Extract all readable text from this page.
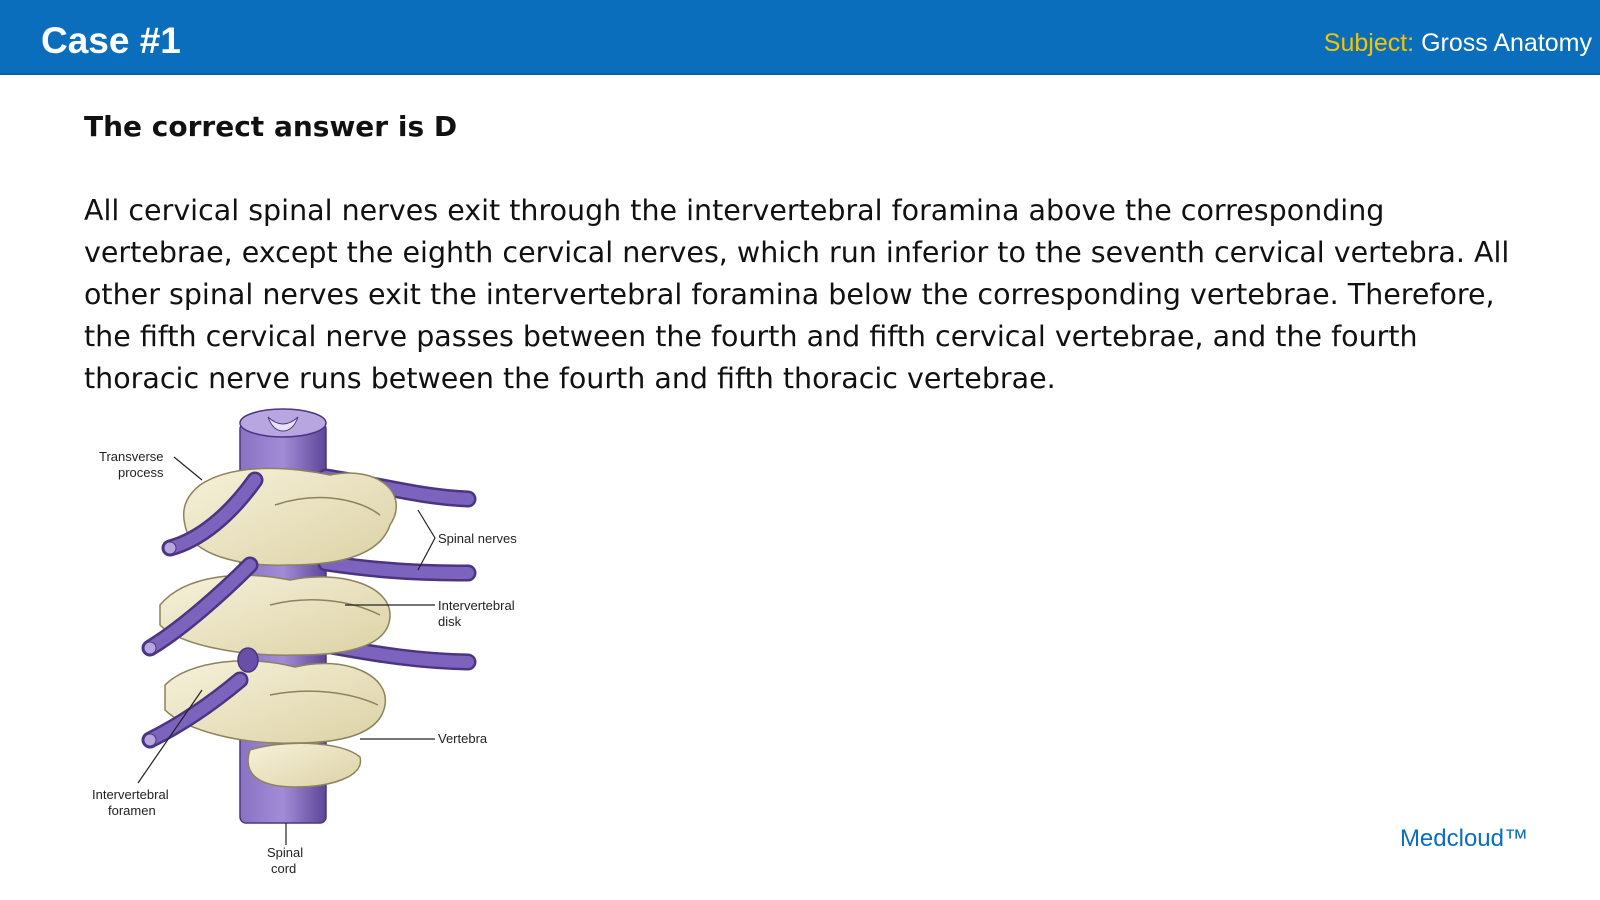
Case #1	Subject: Gross Anatomy
The correct answer is D

All cervical spinal nerves exit through the intervertebral foramina above the corresponding vertebrae, except the eighth cervical nerves, which run inferior to the seventh cervical vertebra. All other spinal nerves exit the intervertebral foramina below the corresponding vertebrae. Therefore, the fifth cervical nerve passes between the fourth and fifth cervical vertebrae, and the fourth thoracic nerve runs between the fourth and fifth thoracic vertebrae.

Transverse
process
Spinal nerves
Intervertebral
disk
Vertebra
Intervertebral
foramen
Spinal
cord
Medcloud™
